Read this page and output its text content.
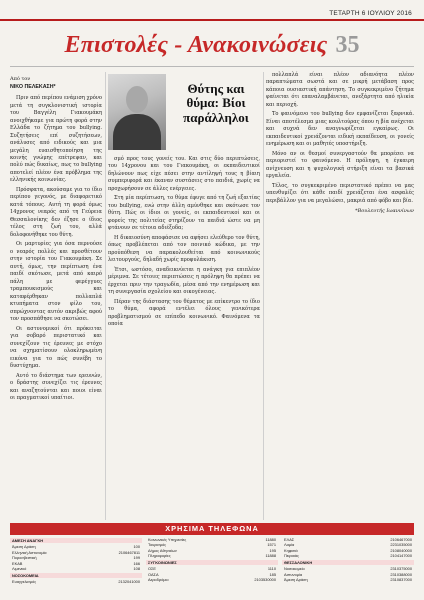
ΤΕΤΑΡΤΗ 6 ΙΟΥΛΙΟΥ 2016
Επιστολές - Ανακοινώσεις 35
Από τον
ΝΙΚΟ ΠΕΛΕΚΑΣΗ*

Πριν από περίπου ενάμιση χρόνο μετά τη συγκλονιστική ιστορία του Βαγγέλη Γιακουμάκη ανοιχθήκαμε για πρώτη φορά στην Ελλάδα το ζήτημα του bullying. Συζητήσεις επί συζητήσεων, ανάλυσες από ειδικούς και μια μεγάλη ευαισθητοποίηση της κοινής γνώμης επέτρεψαν, και πολύ πώς δικαίως, πως το bullying αποτελεί πλέον ένα πρόβλημα της ελληνικής κοινωνίας.

Πρόσφατα, ακούσαμε για το ίδιο περίπου γεγονός, με διαφορετικό κατά τόπους. Αυτή τη φορά όμως 14χρονος νεαρός από τη Γεύρεια Θεσσαλονίκης δεν έζησε ο ίδιος τέλος στη ζωή του, αλλά δολοφονήθηκε του θύτη.

Οι μαρτυρίες για όσα περνούσε ο νεαρός πολλές και προσθέτουν στην ιστορία του Γιακουμάκη. Σε αυτή, όμως, την περίπτωση ένα παιδί σκότωσε, μετά από καιρό πάλη με φερέγγυες τραμπουκισμούς και καταφέρθηκαν πολλαπλά κτυπήματα στον φίλο του, σπρώχνοντας αυτόν ακριβώς αφού τον προσπάθησε να σκοτώσει.

Οι αστυνομικοί ότι πρόκειται για σοβαρό περιστατικό και συνεχίζουν τις έρευνες με στόχο να σχηματίσουν ολοκληρωμένη εικόνα για το πώς συνέβη το δυστύχημα.

Αυτό το διάστημα των ερευνών, ο δράστης συνεχίζει τις έρευνες και αναζητούνται και ποιοι είναι οι πραγματικοί υπαίτιοι.

Θύτης και θύμα: Βίοι παράλληλοι

σμό προς τους γονείς του. Και στις δύο περιπτώσεις, του 14χρονου και του Γιακουμάκη, οι εκπαιδευτικοί δηλώνουν πως είχε πέσει στην αντίληψή τους η βίαιη συμπεριφορά και έκαναν συστάσεις στο παιδιά, χωρίς να προχωρήσουν σε άλλες ενέργειες.

Στη μία περίπτωση, το θύμα έφυγε από τη ζωή εξαιτίας του bullying, ενώ στην άλλη αμύνθηκε και σκότωσε τον θύτη. Πώς οι ίδιοι οι γονείς, οι εκπαιδευτικοί και οι φορείς της πολιτείας στηρίζουν τα παιδιά ώστε να μη φτάνουν σε τέτοια αδιέξοδα;

Η δικαιοσύνη αποφάσισε να αφήσει ελεύθερο τον θύτη, όπως προβλέπεται από τον ποινικό κώδικα, με την προϋπόθεση να παρακολουθείται από κοινωνικούς λειτουργούς, δηλαδή χωρίς προφυλάκιση.

Έτσι, ωστόσο, αναδεικνύεται η ανάγκη για επιπλέον μέριμνα. Σε τέτοιες περιπτώσεις η πρόληψη θα πρέπει να έρχεται πριν την τραγωδία, μέσα από την ενημέρωση και τη συνεργασία σχολείου και οικογένειας.

Πέραν της διάστασης του θέματος με επίκεντρο το ίδιο το θύμα, αφορά εντέλει όλους γενικότερα προβληματισμού σε επίπεδο κοινωνικό. Φαινόμενα τα οποία

πολλαπλά είναι πλέον αδιανόητα πλέον παραπτώματα σωστά και σε μικρή μετάβαση προς κάποια ουσιαστική απάντηση. Το συγκεκριμένο ζήτημα φαίνεται ότι επαναλαμβάνεται, ανεξάρτητα από ηλικία και περιοχή.

Το φαινόμενο του bullying δεν εμφανίζεται ξαφνικά. Είναι αποτέλεσμα μιας κουλτούρας όπου η βία ανέχεται και συχνά δεν αναγνωρίζεται εγκαίρως. Οι εκπαιδευτικοί χρειάζονται ειδική εκπαίδευση, οι γονείς ενημέρωση και οι μαθητές υποστήριξη.

Μόνο αν οι θεσμοί συνεργαστούν θα μπορέσει να περιοριστεί το φαινόμενο. Η πρόληψη, η έγκαιρη ανίχνευση και η ψυχολογική στήριξη είναι τα βασικά εργαλεία.

Τέλος, το συγκεκριμένο περιστατικό πρέπει να μας υπενθυμίζει ότι κάθε παιδί χρειάζεται ένα ασφαλές περιβάλλον για να μεγαλώσει, μακριά από φόβο και βία.

*Βουλευτής Ιωαννίνων
ΧΡΗΣΙΜΑ ΤΗΛΕΦΩΝΑ
ΑΜΕΣΗ ΑΝΑΓΚΗ
Άμεση Δράση	100
Ελληνική Αστυνομία	2106467811
Πυροσβεστική	199
ΕΚΑΒ	166
Λιμενικό	108
ΝΟΣΟΚΟΜΕΙΑ
Ευαγγελισμός	2132041000
Κοινωνικές Υπηρεσίες	11880
Τουρισμός	1571
Δήμος Αθηναίων	195
Πληροφορίες	11888
ΣΥΓΚΟΙΝΩΝΙΕΣ
ΟΣΕ	1110
ΟΑΣΑ	185
Αεροδρόμιο	2103530000
ΕΛΑΣ	2106467000
Λαμία	2231035000
Κηφισιά	2108040000
Πειραιάς	2104147000
ΘΕΣΣΑΛΟΝΙΚΗ
Νοσοκομείο	2310375000
Αστυνομία	2310388000
Άμεση Δράση	2310837000
